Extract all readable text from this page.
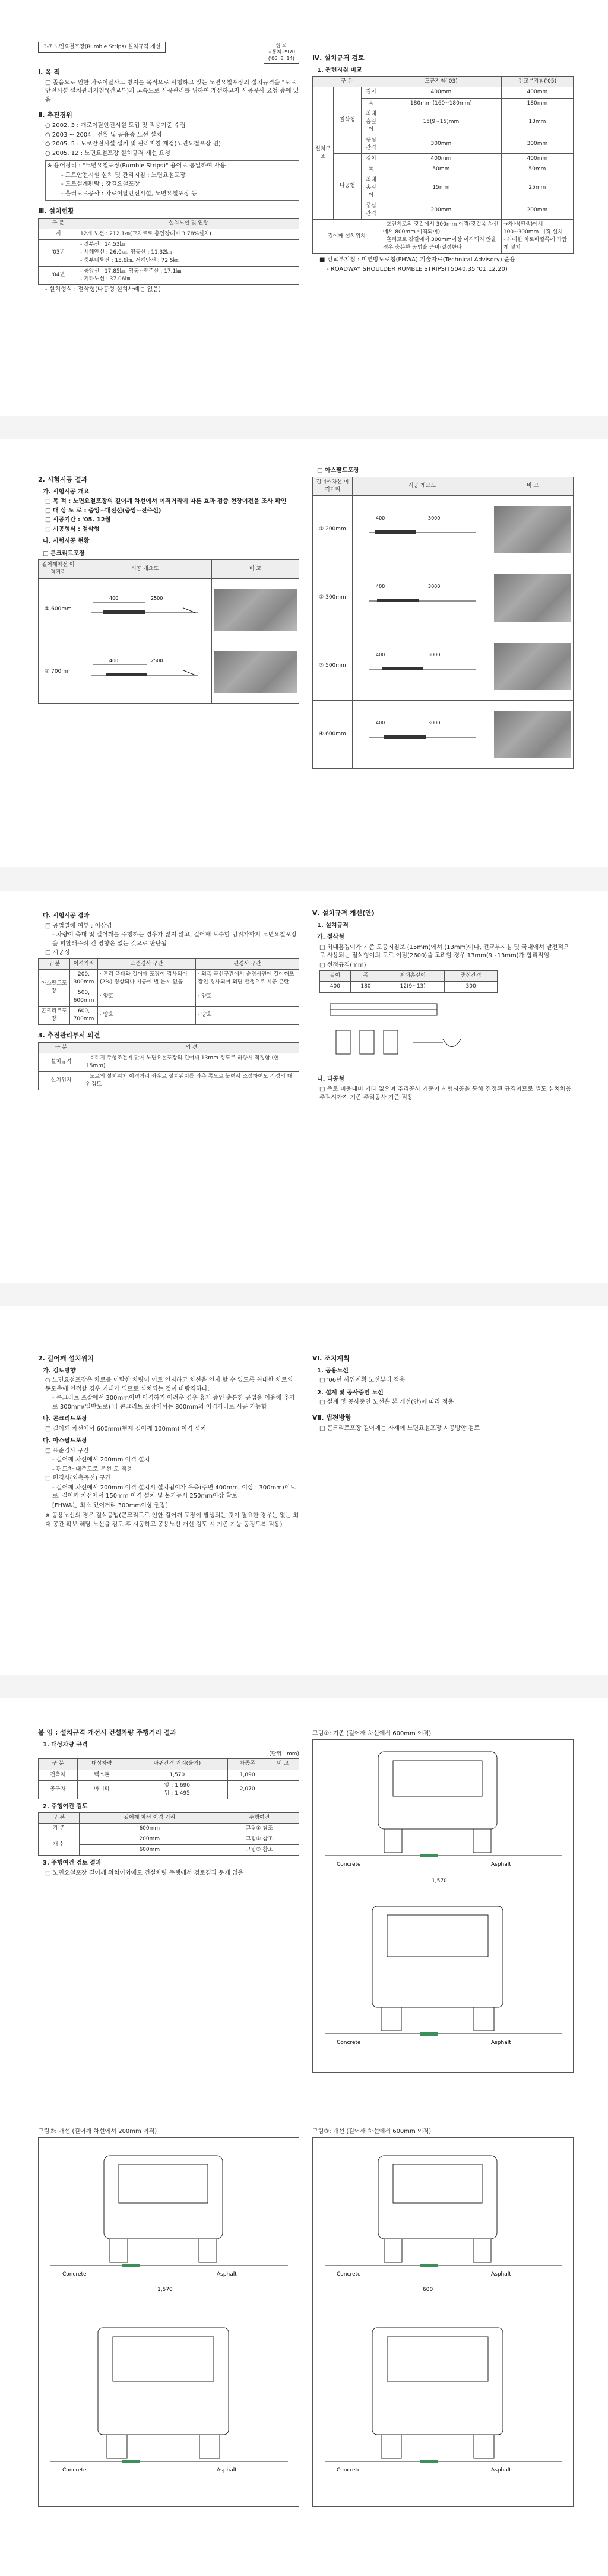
3-7 노면요철포장(Rumble Strips) 설치규격 개선	협 의
교통처-2970
('06. 8. 14)
Ⅰ. 목 적
□ 졸음으로 인한 차로이탈사고 방지를 목적으로 시행하고 있는 노면요철포장의 설치규격을 "도로안전시설 설치관리지침"(건교부)과 고속도로 시공관리를 위하여 개선하고자 시공공사 요청 중에 있음
Ⅱ. 추진경위
○ 2002. 3 : 개로이탈안전시설 도입 및 적용기준 수립
○ 2003 ~ 2004 : 전월 및 공용중 노선 설치
○ 2005. 5 : 도로안전시설 설치 및 관리지침 제정(노면요철포장 편)
○ 2005. 12 : 노면요철포장 설치규격 개선 요청
※ 용어정리 : "노면요철포장(Rumble Strips)" 용어로 통일하여 사용
- 도로안전시설 설치 및 관리지침 : 노면요철포장
- 도로설계편람 : 갓길요철포장
- 흘러도로공사 : 차로이탈안전시설, 노면요철포장 등
Ⅲ. 설치현황
구 분	설치노선 및 연장
계	12개 노선 : 212.1㎞(교차로로 총연장대비 3.78%설치)
'03년	- 경부선 : 14.53㎞
- 서해안선 : 26.0㎞, 영동선 : 11.32㎞
- 중부내륙선 : 15.6㎞, 서해안선 : 72.5㎞
'04년	- 중앙선 : 17.85㎞, 영동~광주선 : 17.1㎞
- 기타노선 : 37.06㎞
- 설치형식 : 절삭형(다공형 설치사례는 없음)
Ⅳ. 설치규격 검토
1. 관련지침 비교
구 분			도공지침('03)	건교부지침('05)
설치구조	절삭형	길이	400mm	400mm
		폭	180mm (160~180mm)	180mm
		최대홈깊이	15(9~15)mm	13mm
		중심간격	300mm	300mm
	다공형	길이	400mm	400mm
		폭	50mm	50mm
		최대홈깊이	15mm	25mm
		중심간격	200mm	200mm
길어깨 설치위치			· 흐전치로의 갓길에서 300mm 이격(갓길폭 차선에서 800mm 이격되어)
· 흔리고로 갓길에서 300mm이상 이격되지 않을 경우 충분한 공법을 준비·결정한다	→차선(흰색)에서 100~300mm 이격 설치
· 최대한 차로바깥쪽에 가깝게 설치
■ 건교부지침 : 미연방도로청(FHWA) 기술자료(Technical Advisory) 준용
- ROADWAY SHOULDER RUMBLE STRIPS(T5040.35 '01.12.20)
2. 시험시공 결과
가. 시험시공 개요
□ 목 적 : 노면요철포장의 길어깨 차선에서 이격거리에 따른 효과 검증 현장여건을 조사 확인
□ 대 상 도 로 : 중앙~대전선(중앙~진주선)
□ 시공기간 : '05. 12월
□ 시공형식 : 절삭형
나. 시험시공 현황
□ 콘크리트포장
길어깨차선 이격거리	시공 개요도	비 고
① 600mm	400 2500	

② 700mm	400 2500	

□ 아스팔트포장
길어깨차선 이격거리	시공 개요도	비 고
① 200mm	400 3000	

② 300mm	400 3000	

③ 500mm	400 3000	

④ 600mm	400 3000	

다. 시험시공 결과
□ 공법별해 여부 : 이상영
- 차량이 측대 및 길어깨를 주행하는 경우가 많지 않고, 길어깨 보수할 범위가까지 노면요철포장을 피할래주려 긴 영향은 없는 것으로 판단됨
□ 시공성
구 분	이격거리	표준경사 구간	편경사 구간
아스팔트포장	200, 300mm	· 흔리 측대와 길어깨 포장이 겹사되어(2%) 정상되나 시공에 별 문제 없음	· 외측 곡선구간에서 순경사면에 길어깨포장인 경사되어 외면 발생으로 시공 곤란
	500, 600mm	· 양호	· 양호
콘크리트포장	600, 700mm	· 양호	· 양호
3. 추진관리부서 의견
구 분	의 견
설치규격	· 흐리지 주행조건에 맞게 노면요철포장의 길어깨 13mm 정도로 하향시 적정함 (현 15mm)
설치위치	· 도로의 설치위치 이격거리 좌우로 설치위치를 좌측 쪽으로 붙여서 조정하여도 적정의 대안검토
Ⅴ. 설치규격 개선(안)
1. 설치규격
가. 절삭형
□ 최대홈깊이가 기존 도공지침보 (15mm)에서 (13mm)이나, 건교부지침 및 국내에서 발전적으로 사용되는 절삭형이의 도로 이점(2600)을 고려할 경우 13mm(9~13mm)가 합리적임
□ 선정규격(mm)
길이	폭	최대홈깊이	중심간격
400	180	12(9~13)	300
나. 다공형
□ 주로 비용대비 기타 없으며 추리공사 기준이 시험시공을 통해 진정된 규격이므로 별도 설치처음 추적시까지 기존 추리공사 기준 적용
2. 길어깨 설치위치
가. 검토방향
○ 노면요철포장은 차로를 이탈한 차량이 이로 인지하고 차선을 인지 할 수 있도록 최대한 차로의 동도측에 인접할 경우 기대가 되므로 설치되는 것이 바람직하나,
- 콘크리트 포장에서 300mm이면 이격하기 어려운 경우 휴지 중인 충분한 공법을 이용해 추가로 300mm(일반도로) 나 콘크리트 포장에서는 800mm의 이격거리로 시공 가능함
나. 콘크리트포장
□ 길어깨 차선에서 600mm(현재 길어깨 100mm) 이격 설치
다. 아스팔트포장
□ 표준경사 구간
- 길어깨 차선에서 200mm 이격 설치
- 편도차 내주도로 우선 도 적용
□ 편경사(외측곡선) 구간
- 길어깨 차선에서 200mm 이격 설치시 설치됨이가 우측(주면 400mm, 이상 : 300mm)이므로, 길어깨 차선에서 150mm 이격 설치 및 불가능시 250mm이상 확보
[FHWA는 최소 있어거리 300mm이상 권장]
※ 공용노선의 경우 절삭공법(콘크리트로 인한 길어깨 포장이 발생되는 것이 필요한 경우는 없는 최대 공간 확보 해당 노선을 검토 후 시공하고 공용노선 개선 검토 시 기존 기능 공정토록 적용)
Ⅵ. 조치계획
1. 공용노선
□ '06년 사업계획 노선부터 적용
2. 설계 및 공사중인 노선
□ 설계 및 공사중인 노선은 본 개선(안)에 따라 적용
Ⅶ. 법전방향
□ 콘크리트포장 길어깨는 자재에 노면요철포장 시공방안 검토
붙 임 : 설치규격 개선시 건설차량 주행거리 결과
1. 대상차량 규격
(단위 : mm)
구 분	대상차량	바퀴간격 거리(윤거)	차종폭	비 고
건축차	렉스톤	1,570	1,890	
공구차	마이티	앞 : 1,690
뒤 : 1,495	2,070	
2. 주행여건 검토
구 분	길어깨 차선 이격 거리	주행여건
기 존	600mm	그림① 참조
개 선	200mm	그림② 참조
	600mm	그림③ 참조
3. 주행여건 검토 결과
□ 노면요철포장 길어깨 위치이외에도 건설차량 주행에서 검토결과 문제 없음
그림①: 기존 (길어깨 차선에서 600mm 이격)
Concrete	Asphalt
1,570
Concrete	Asphalt
그림②: 개선 (길어깨 차선에서 200mm 이격)
Concrete	Asphalt
1,570
Concrete	Asphalt
그림③: 개선 (길어깨 차선에서 600mm 이격)
Concrete	Asphalt
600
Concrete	Asphalt
